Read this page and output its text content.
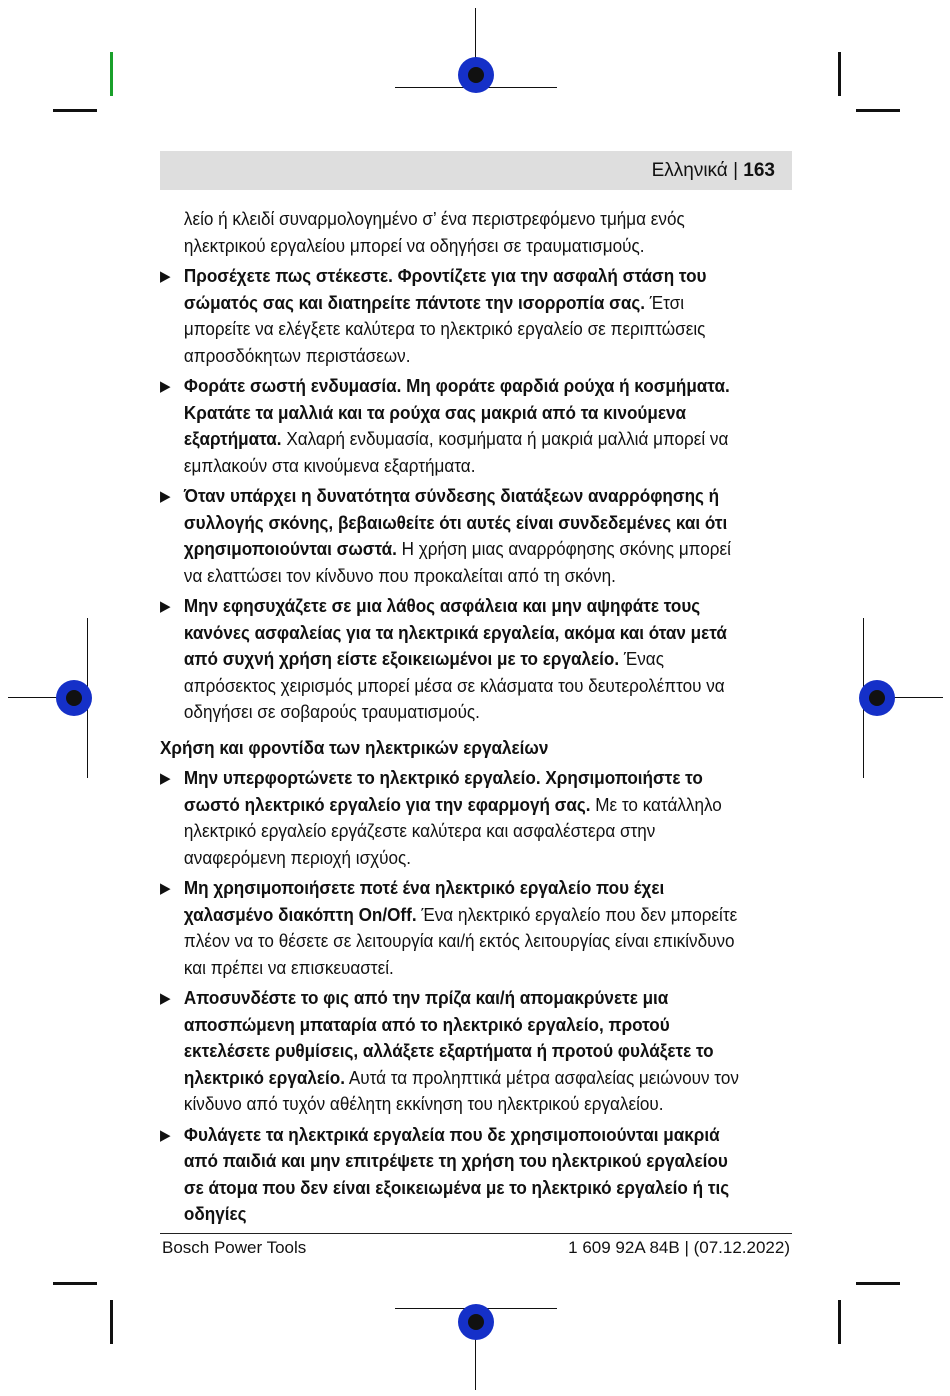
Ελληνικά | 163

λείο ή κλειδί συναρμολογημένο σ’ ένα περιστρεφόμενο τμήμα ενός ηλεκτρικού εργαλείου μπορεί να οδηγήσει σε τραυματισμούς.

▶ Προσέχετε πως στέκεστε. Φροντίζετε για την ασφαλή στάση του σώματός σας και διατηρείτε πάντοτε την ισορροπία σας. Έτσι μπορείτε να ελέγξετε καλύτερα το ηλεκτρικό εργαλείο σε περιπτώσεις απροσδόκητων περιστάσεων.

▶ Φοράτε σωστή ενδυμασία. Μη φοράτε φαρδιά ρούχα ή κοσμήματα. Κρατάτε τα μαλλιά και τα ρούχα σας μακριά από τα κινούμενα εξαρτήματα. Χαλαρή ενδυμασία, κοσμήματα ή μακριά μαλλιά μπορεί να εμπλακούν στα κινούμενα εξαρτήματα.

▶ Όταν υπάρχει η δυνατότητα σύνδεσης διατάξεων αναρρόφησης ή συλλογής σκόνης, βεβαιωθείτε ότι αυτές είναι συνδεδεμένες και ότι χρησιμοποιούνται σωστά. Η χρήση μιας αναρρόφησης σκόνης μπορεί να ελαττώσει τον κίνδυνο που προκαλείται από τη σκόνη.

▶ Μην εφησυχάζετε σε μια λάθος ασφάλεια και μην αψηφάτε τους κανόνες ασφαλείας για τα ηλεκτρικά εργαλεία, ακόμα και όταν μετά από συχνή χρήση είστε εξοικειωμένοι με το εργαλείο. Ένας απρόσεκτος χειρισμός μπορεί μέσα σε κλάσματα του δευτερολέπτου να οδηγήσει σε σοβαρούς τραυματισμούς.

Χρήση και φροντίδα των ηλεκτρικών εργαλείων

▶ Μην υπερφορτώνετε το ηλεκτρικό εργαλείο. Χρησιμοποιήστε το σωστό ηλεκτρικό εργαλείο για την εφαρμογή σας. Με το κατάλληλο ηλεκτρικό εργαλείο εργάζεστε καλύτερα και ασφαλέστερα στην αναφερόμενη περιοχή ισχύος.

▶ Μη χρησιμοποιήσετε ποτέ ένα ηλεκτρικό εργαλείο που έχει χαλασμένο διακόπτη On/Off. Ένα ηλεκτρικό εργαλείο που δεν μπορείτε πλέον να το θέσετε σε λειτουργία και/ή εκτός λειτουργίας είναι επικίνδυνο και πρέπει να επισκευαστεί.

▶ Αποσυνδέστε το φις από την πρίζα και/ή απομακρύνετε μια αποσπώμενη μπαταρία από το ηλεκτρικό εργαλείο, προτού εκτελέσετε ρυθμίσεις, αλλάξετε εξαρτήματα ή προτού φυλάξετε το ηλεκτρικό εργαλείο. Αυτά τα προληπτικά μέτρα ασφαλείας μειώνουν τον κίνδυνο από τυχόν αθέλητη εκκίνηση του ηλεκτρικού εργαλείου.

▶ Φυλάγετε τα ηλεκτρικά εργαλεία που δε χρησιμοποιούνται μακριά από παιδιά και μην επιτρέψετε τη χρήση του ηλεκτρικού εργαλείου σε άτομα που δεν είναι εξοικειωμένα με το ηλεκτρικό εργαλείο ή τις οδηγίες

Bosch Power Tools	1 609 92A 84B | (07.12.2022)
